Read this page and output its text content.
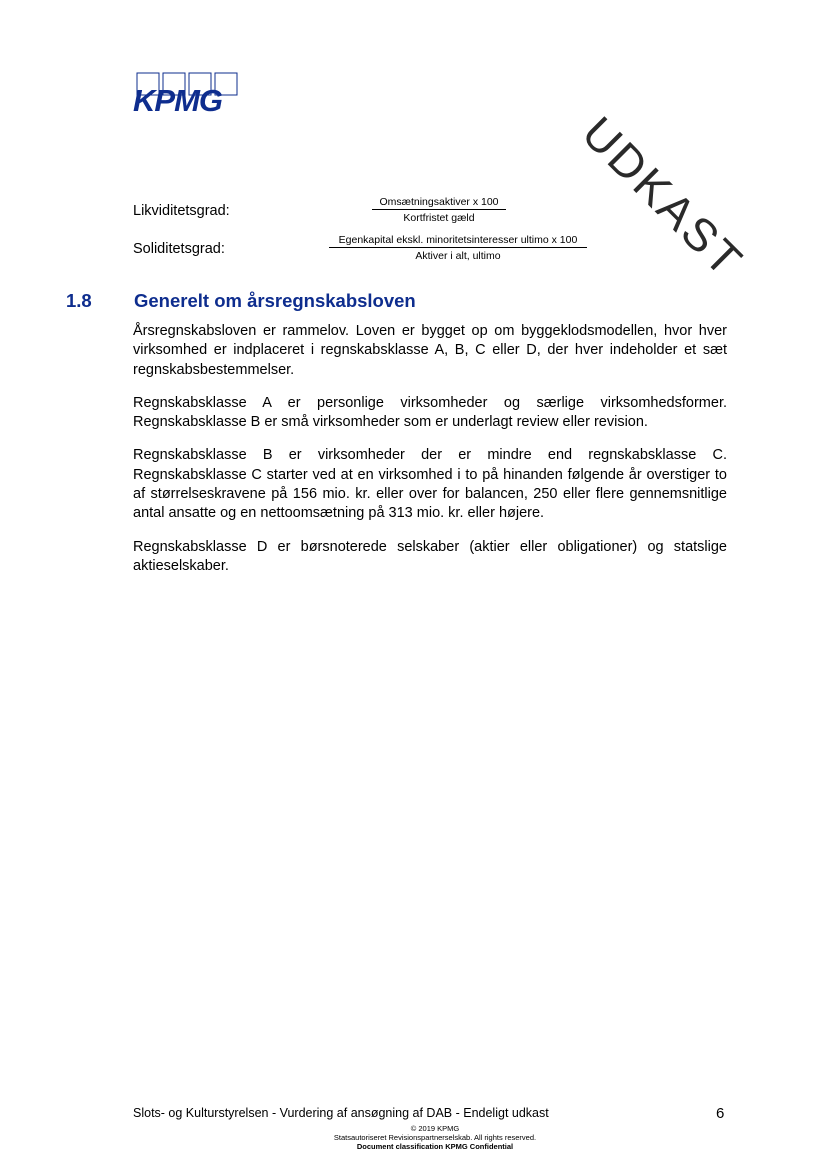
KPMG
UDKAST
Likviditetsgrad:
Omsætningsaktiver x 100
Kortfristet gæld
Soliditetsgrad:
Egenkapital ekskl. minoritetsinteresser ultimo x 100
Aktiver i alt, ultimo
1.8 Generelt om årsregnskabsloven

Årsregnskabsloven er rammelov. Loven er bygget op om byggeklodsmodellen, hvor hver virksomhed er indplaceret i regnskabsklasse A, B, C eller D, der hver indeholder et sæt regnskabsbestemmelser.

Regnskabsklasse A er personlige virksomheder og særlige virksomhedsformer. Regnskabsklasse B er små virksomheder som er underlagt review eller revision.

Regnskabsklasse B er virksomheder der er mindre end regnskabsklasse C. Regnskabsklasse C starter ved at en virksomhed i to på hinanden følgende år overstiger to af størrelseskravene på 156 mio. kr. eller over for balancen, 250 eller flere gennemsnitlige antal ansatte og en nettoomsætning på 313 mio. kr. eller højere.

Regnskabsklasse D er børsnoterede selskaber (aktier eller obligationer) og statslige aktieselskaber.

Slots- og Kulturstyrelsen - Vurdering af ansøgning af DAB - Endeligt udkast	6
© 2019 KPMG
Statsautoriseret Revisionspartnerselskab. All rights reserved.
Document classification KPMG Confidential
